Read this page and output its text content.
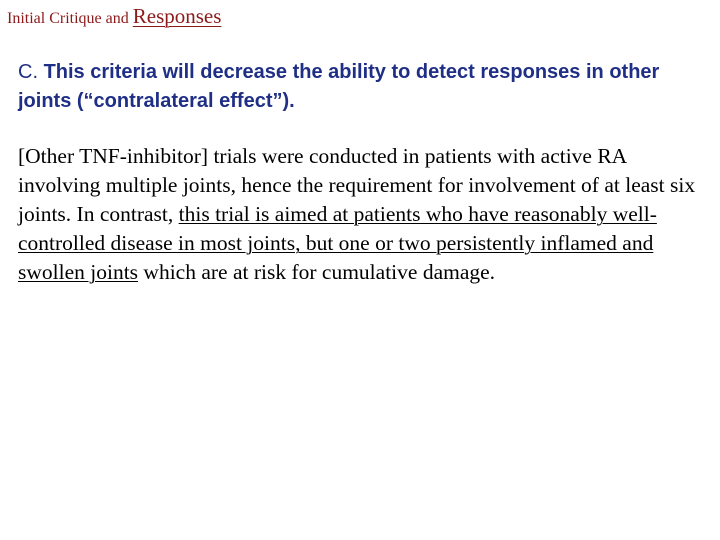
Initial Critique and Responses
C. This criteria will decrease the ability to detect responses in other joints (“contralateral effect”).
[Other TNF-inhibitor] trials were conducted in patients with active RA involving multiple joints, hence the requirement for involvement of at least six joints. In contrast, this trial is aimed at patients who have reasonably well-controlled disease in most joints, but one or two persistently inflamed and swollen joints which are at risk for cumulative damage.
